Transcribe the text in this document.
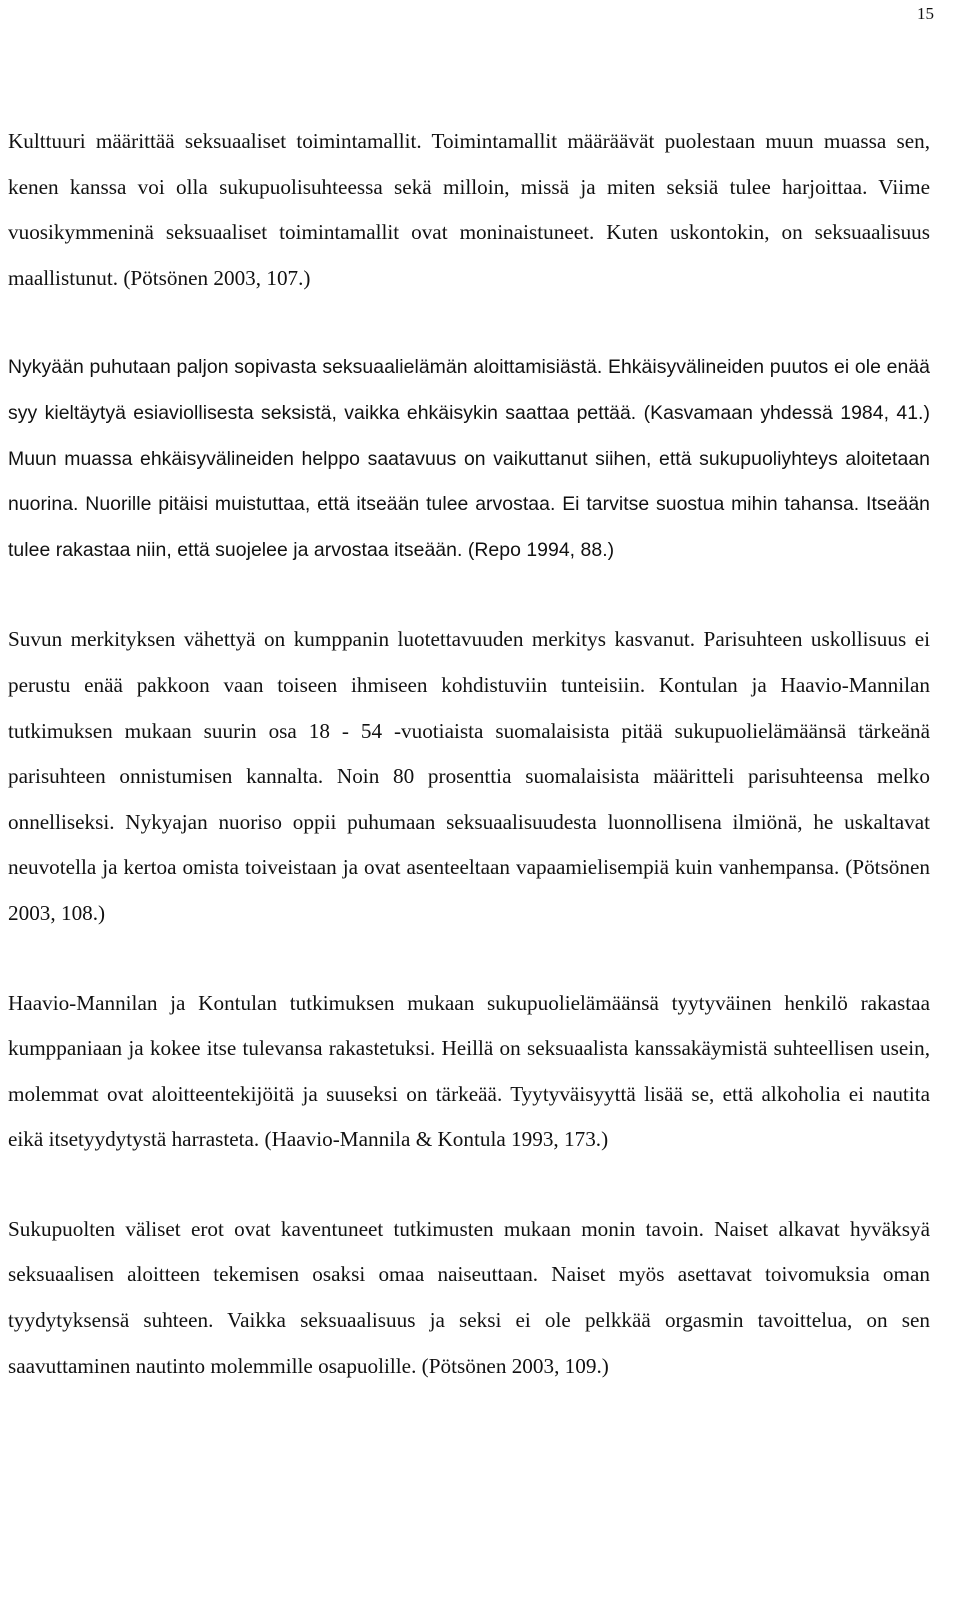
15

Kulttuuri määrittää seksuaaliset toimintamallit. Toimintamallit määräävät puolestaan muun muassa sen, kenen kanssa voi olla sukupuolisuhteessa sekä milloin, missä ja miten seksiä tulee harjoittaa. Viime vuosikymmeninä seksuaaliset toimintamallit ovat moninaistuneet. Kuten uskontokin, on seksuaalisuus maallistunut. (Pötsönen 2003, 107.)

Nykyään puhutaan paljon sopivasta seksuaalielämän aloittamisiästä. Ehkäisyvälineiden puutos ei ole enää syy kieltäytyä esiaviollisesta seksistä, vaikka ehkäisykin saattaa pettää. (Kasvamaan yhdessä 1984, 41.) Muun muassa ehkäisyvälineiden helppo saatavuus on vaikuttanut siihen, että sukupuoliyhteys aloitetaan nuorina. Nuorille pitäisi muistuttaa, että itseään tulee arvostaa. Ei tarvitse suostua mihin tahansa. Itseään tulee rakastaa niin, että suojelee ja arvostaa itseään. (Repo 1994, 88.)

Suvun merkityksen vähettyä on kumppanin luotettavuuden merkitys kasvanut. Parisuhteen uskollisuus ei perustu enää pakkoon vaan toiseen ihmiseen kohdistuviin tunteisiin. Kontulan ja Haavio-Mannilan tutkimuksen mukaan suurin osa 18 - 54 -vuotiaista suomalaisista pitää sukupuolielämäänsä tärkeänä parisuhteen onnistumisen kannalta. Noin 80 prosenttia suomalaisista määritteli parisuhteensa melko onnelliseksi. Nykyajan nuoriso oppii puhumaan seksuaalisuudesta luonnollisena ilmiönä, he uskaltavat neuvotella ja kertoa omista toiveistaan ja ovat asenteeltaan vapaamielisempiä kuin vanhempansa. (Pötsönen 2003, 108.)

Haavio-Mannilan ja Kontulan tutkimuksen mukaan sukupuolielämäänsä tyytyväinen henkilö rakastaa kumppaniaan ja kokee itse tulevansa rakastetuksi. Heillä on seksuaalista kanssakäymistä suhteellisen usein, molemmat ovat aloitteentekijöitä ja suuseksi on tärkeää. Tyytyväisyyttä lisää se, että alkoholia ei nautita eikä itsetyydytystä harrasteta. (Haavio-Mannila & Kontula 1993, 173.)

Sukupuolten väliset erot ovat kaventuneet tutkimusten mukaan monin tavoin. Naiset alkavat hyväksyä seksuaalisen aloitteen tekemisen osaksi omaa naiseuttaan. Naiset myös asettavat toivomuksia oman tyydytyksensä suhteen. Vaikka seksuaalisuus ja seksi ei ole pelkkää orgasmin tavoittelua, on sen saavuttaminen nautinto molemmille osapuolille. (Pötsönen 2003, 109.)
